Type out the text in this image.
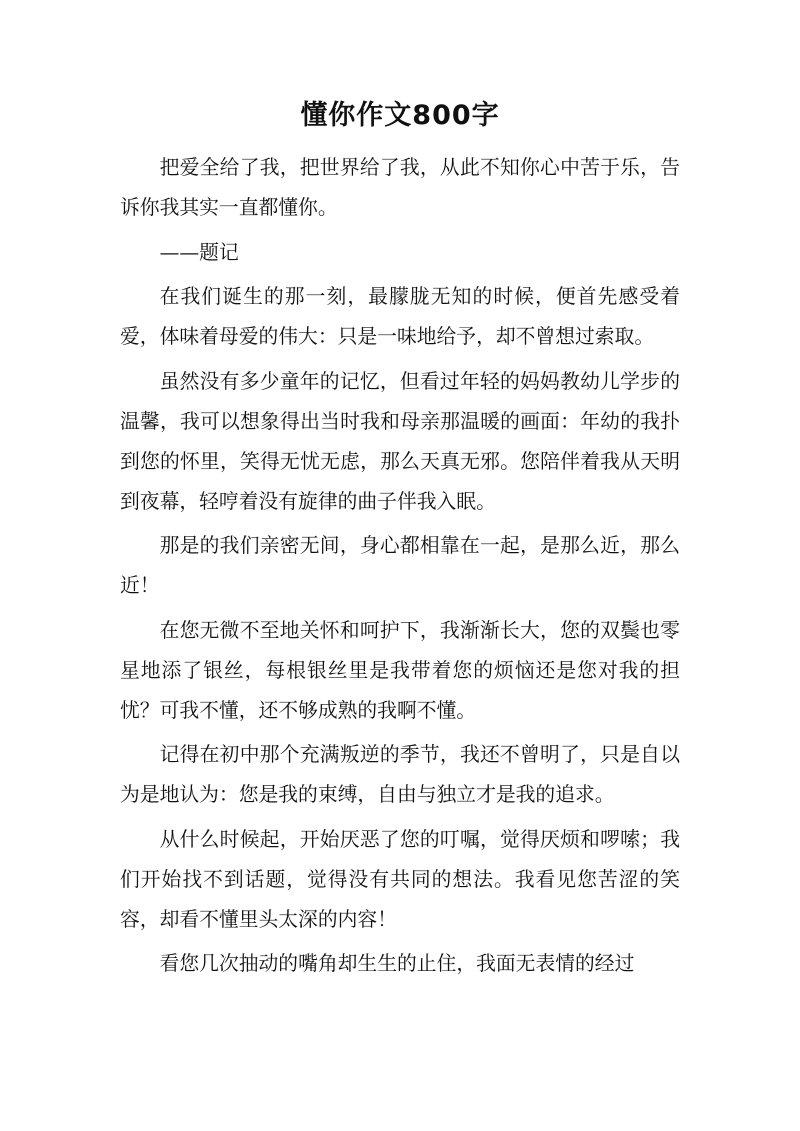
懂你作文800字

把爱全给了我，把世界给了我，从此不知你心中苦于乐，告诉你我其实一直都懂你。

——题记

在我们诞生的那一刻，最朦胧无知的时候，便首先感受着爱，体味着母爱的伟大：只是一味地给予，却不曾想过索取。

虽然没有多少童年的记忆，但看过年轻的妈妈教幼儿学步的温馨，我可以想象得出当时我和母亲那温暖的画面：年幼的我扑到您的怀里，笑得无忧无虑，那么天真无邪。您陪伴着我从天明到夜幕，轻哼着没有旋律的曲子伴我入眠。

那是的我们亲密无间，身心都相靠在一起，是那么近，那么近！

在您无微不至地关怀和呵护下，我渐渐长大，您的双鬓也零星地添了银丝，每根银丝里是我带着您的烦恼还是您对我的担忧？可我不懂，还不够成熟的我啊不懂。

记得在初中那个充满叛逆的季节，我还不曾明了，只是自以为是地认为：您是我的束缚，自由与独立才是我的追求。

从什么时候起，开始厌恶了您的叮嘱，觉得厌烦和啰嗦；我们开始找不到话题，觉得没有共同的想法。我看见您苦涩的笑容，却看不懂里头太深的内容！

看您几次抽动的嘴角却生生的止住，我面无表情的经过
